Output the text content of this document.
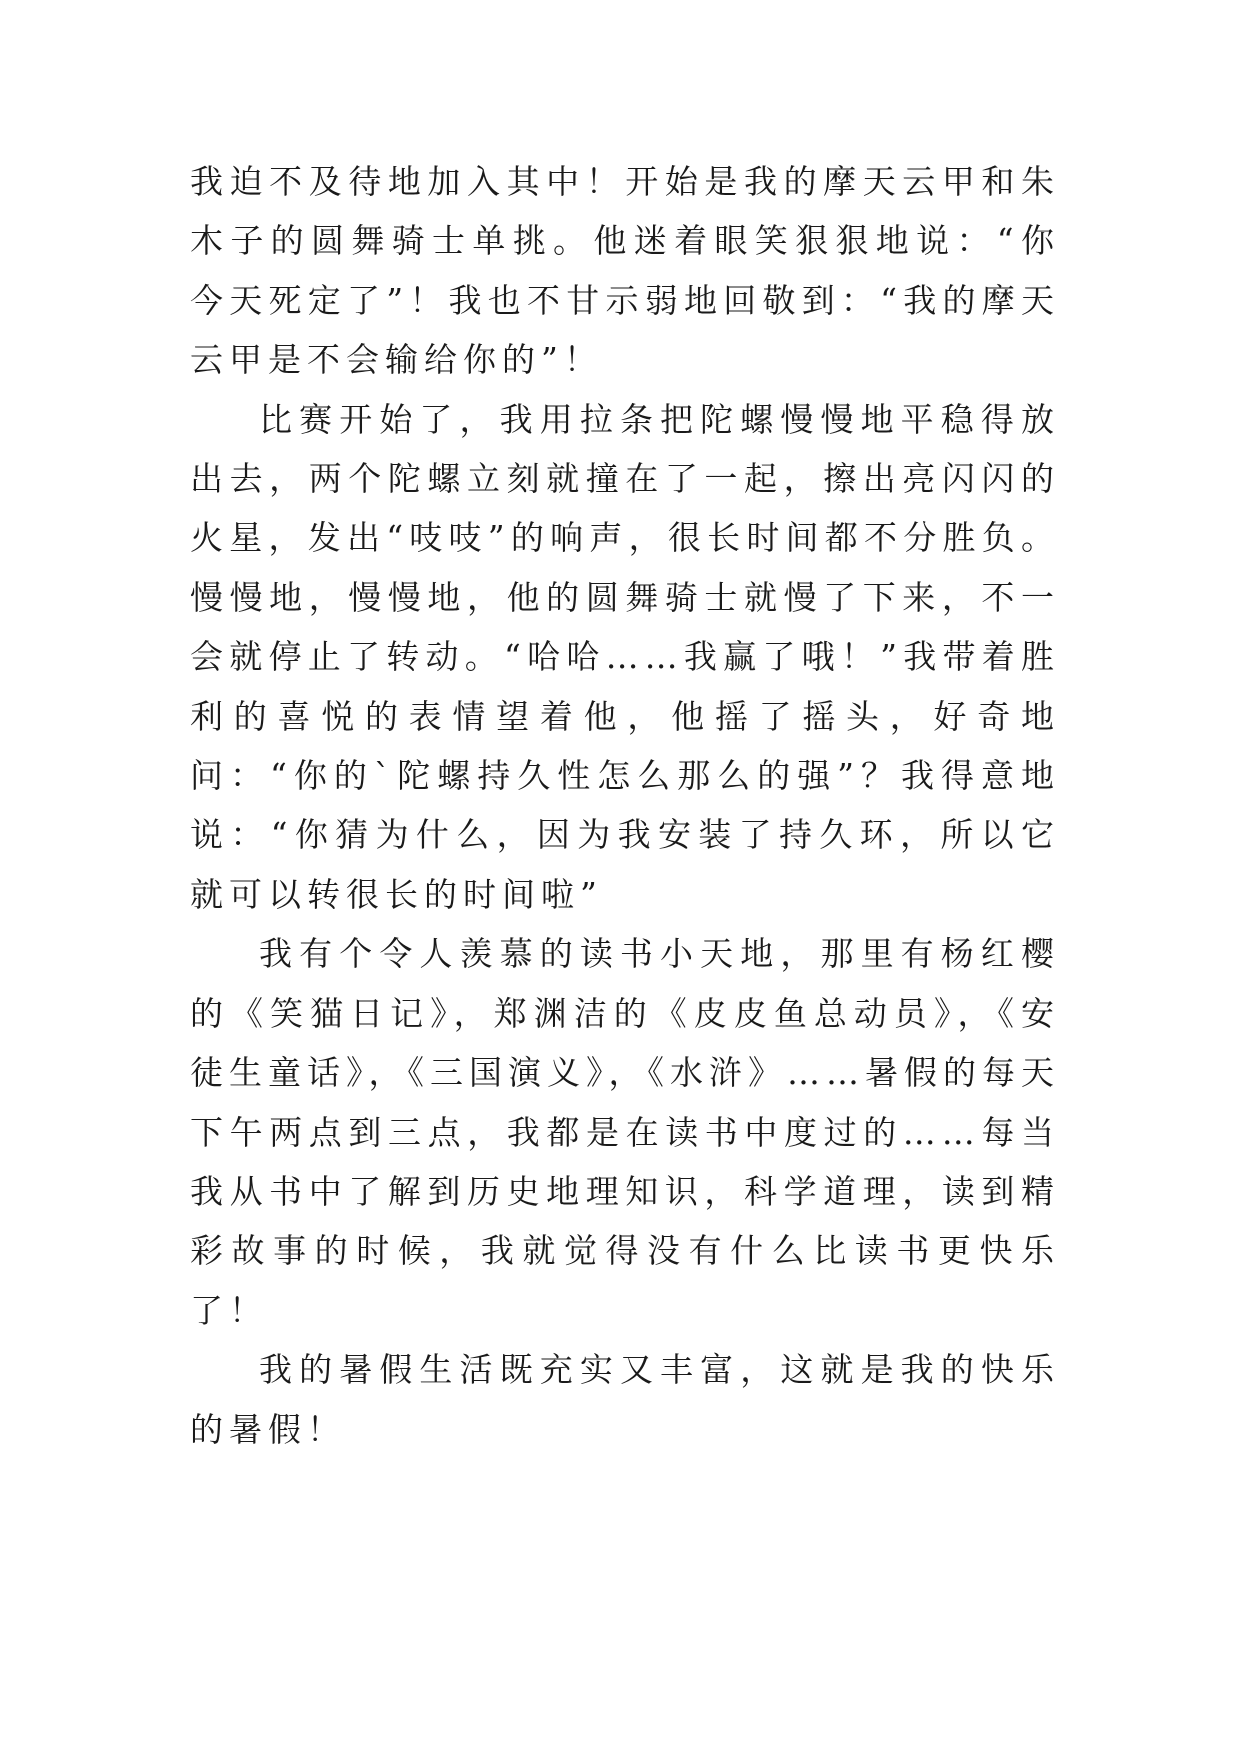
我迫不及待地加入其中！开始是我的摩天云甲和朱木子的圆舞骑士单挑。他迷着眼笑狠狠地说：“你今天死定了”！我也不甘示弱地回敬到：“我的摩天云甲是不会输给你的”！

比赛开始了，我用拉条把陀螺慢慢地平稳得放出去，两个陀螺立刻就撞在了一起，擦出亮闪闪的火星，发出“吱吱”的响声，很长时间都不分胜负。慢慢地，慢慢地，他的圆舞骑士就慢了下来，不一会就停止了转动。“哈哈……我赢了哦！”我带着胜利的喜悦的表情望着他，他摇了摇头，好奇地问：“你的`陀螺持久性怎么那么的强”？我得意地说：“你猜为什么，因为我安装了持久环，所以它就可以转很长的时间啦”

我有个令人羡慕的读书小天地，那里有杨红樱的《笑猫日记》，郑渊洁的《皮皮鱼总动员》，《安徒生童话》，《三国演义》，《水浒》……暑假的每天下午两点到三点，我都是在读书中度过的……每当我从书中了解到历史地理知识，科学道理，读到精彩故事的时候，我就觉得没有什么比读书更快乐了！

我的暑假生活既充实又丰富，这就是我的快乐的暑假！
